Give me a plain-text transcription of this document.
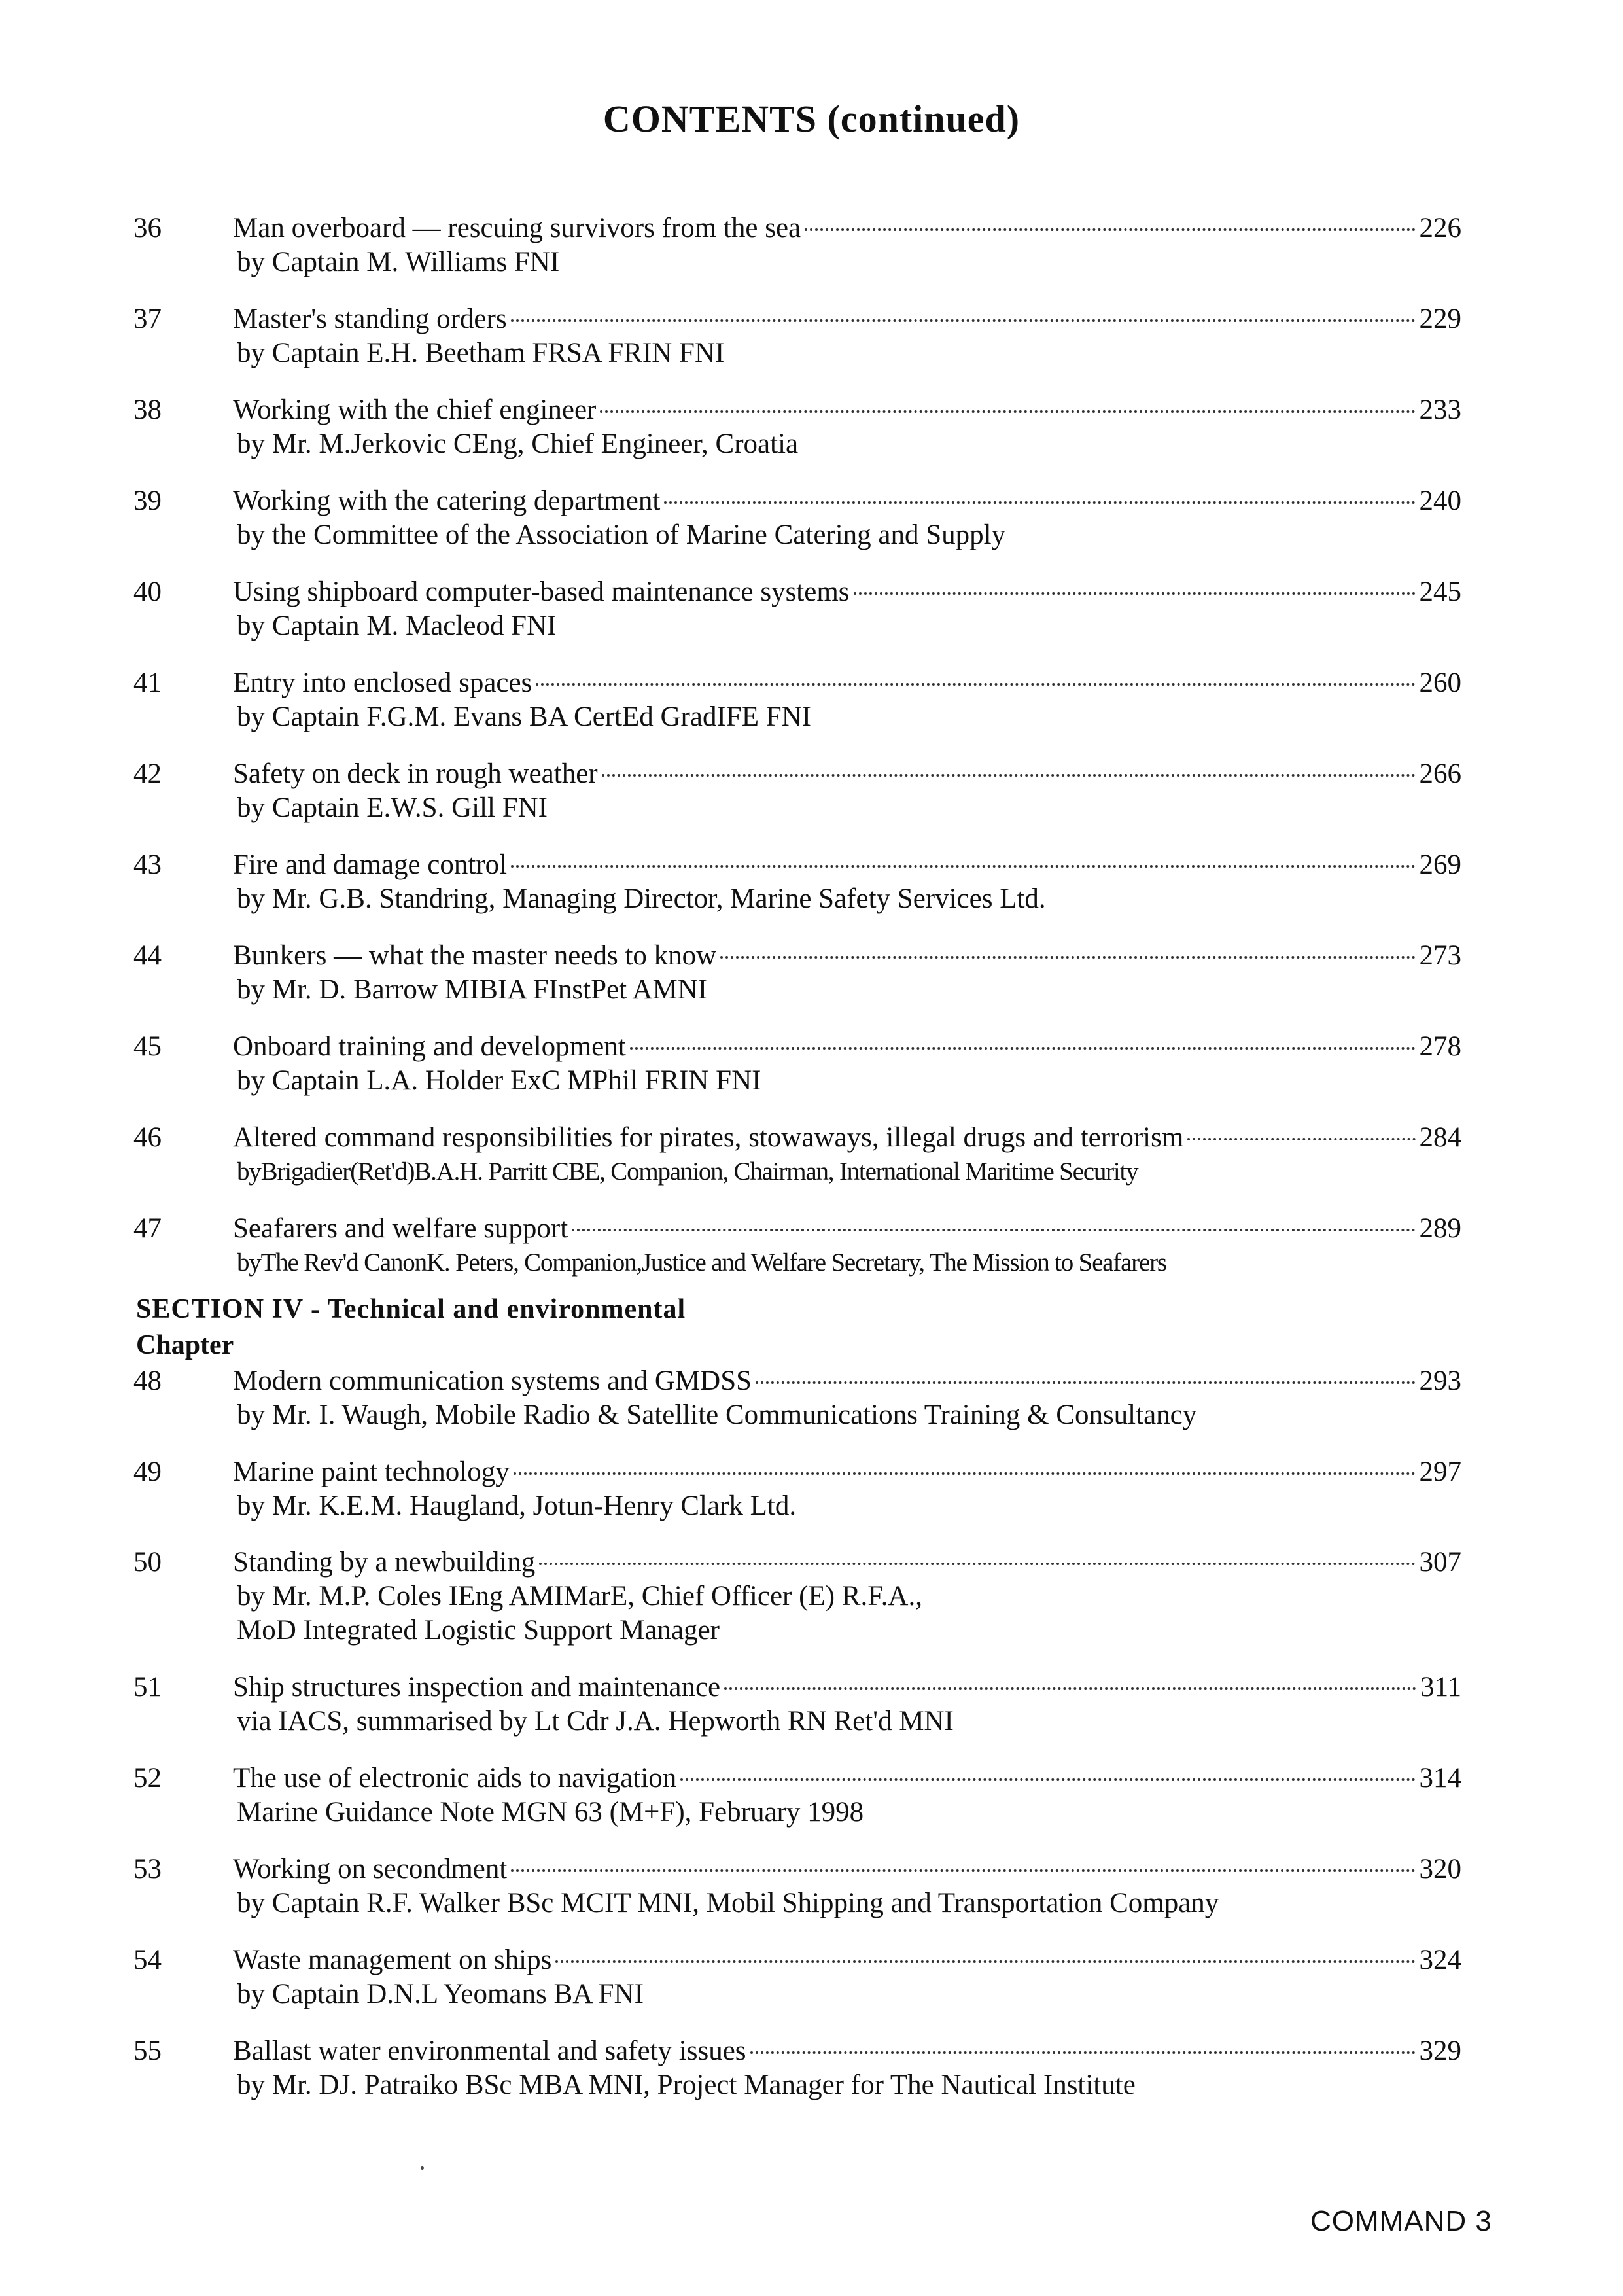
CONTENTS (continued)
36	Man overboard — rescuing survivors from the sea	226
by Captain M. Williams FNI
37	Master's standing orders	229
by Captain E.H. Beetham FRSA FRIN FNI
38	Working with the chief engineer	233
by Mr. M.Jerkovic CEng, Chief Engineer, Croatia
39	Working with the catering department	240
by the Committee of the Association of Marine Catering and Supply
40	Using shipboard computer-based maintenance systems	245
by Captain M. Macleod FNI
41	Entry into enclosed spaces	260
by Captain F.G.M. Evans BA CertEd GradIFE FNI
42	Safety on deck in rough weather	266
by Captain E.W.S. Gill FNI
43	Fire and damage control	269
by Mr. G.B. Standring, Managing Director, Marine Safety Services Ltd.
44	Bunkers — what the master needs to know	273
by Mr. D. Barrow MIBIA FInstPet AMNI
45	Onboard training and development	278
by Captain L.A. Holder ExC MPhil FRIN FNI
46	Altered command responsibilities for pirates, stowaways, illegal drugs and terrorism	284
byBrigadier(Ret'd)B.A.H. Parritt CBE, Companion, Chairman, International Maritime Security
47	Seafarers and welfare support	289
byThe Rev'd CanonK. Peters, Companion,Justice and Welfare Secretary, The Mission to Seafarers
SECTION IV - Technical and environmental
Chapter
48	Modern communication systems and GMDSS	293
by Mr. I. Waugh, Mobile Radio & Satellite Communications Training & Consultancy
49	Marine paint technology	297
by Mr. K.E.M. Haugland, Jotun-Henry Clark Ltd.
50	Standing by a newbuilding	307
by Mr. M.P. Coles IEng AMIMarE, Chief Officer (E) R.F.A.,
MoD Integrated Logistic Support Manager
51	Ship structures inspection and maintenance	311
via IACS, summarised by Lt Cdr J.A. Hepworth RN Ret'd MNI
52	The use of electronic aids to navigation	314
Marine Guidance Note MGN 63 (M+F), February 1998
53	Working on secondment	320
by Captain R.F. Walker BSc MCIT MNI, Mobil Shipping and Transportation Company
54	Waste management on ships	324
by Captain D.N.L Yeomans BA FNI
55	Ballast water environmental and safety issues	329
by Mr. DJ. Patraiko BSc MBA MNI, Project Manager for The Nautical Institute
COMMAND 3
